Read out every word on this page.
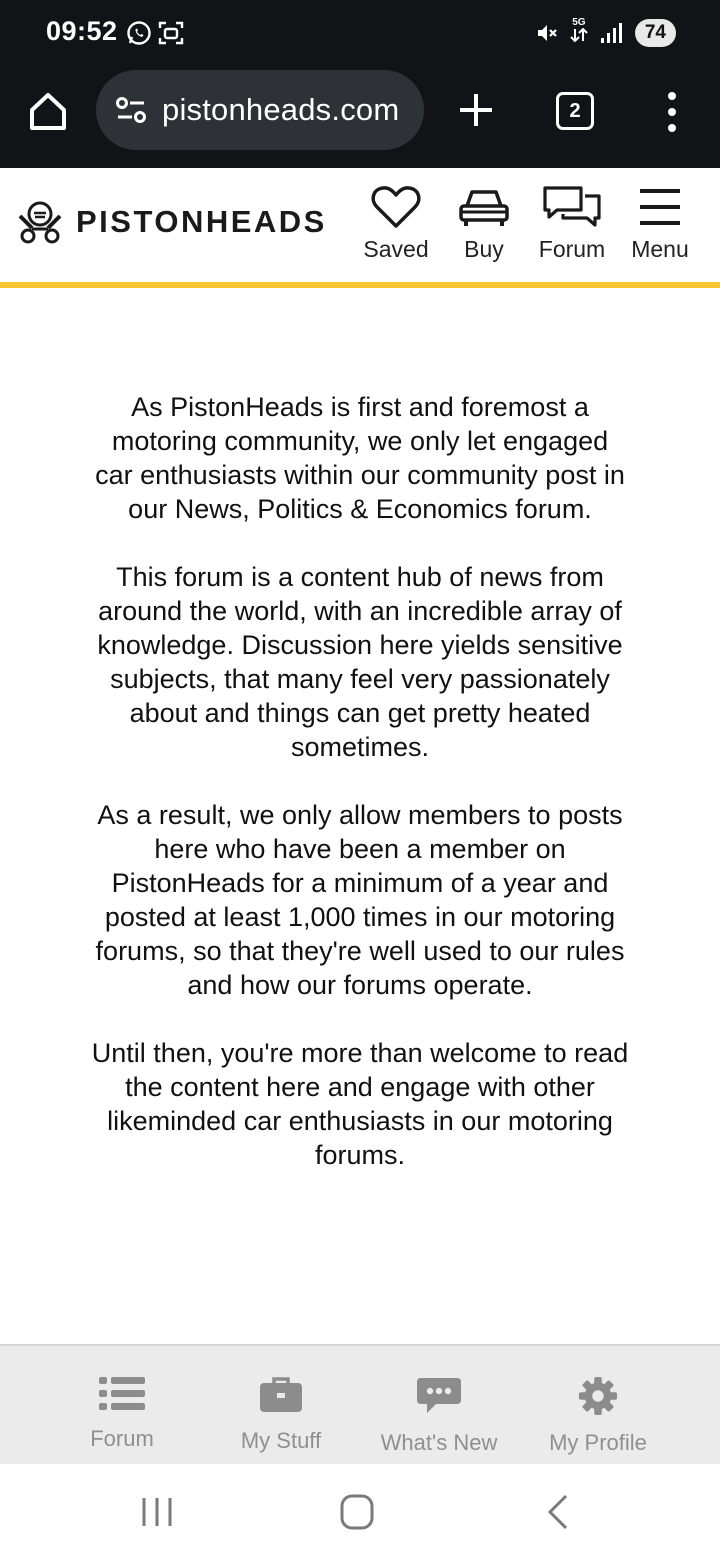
09:52	5G	74
pistonheads.com	2
PISTONHEADS
Saved	Buy	Forum	Menu

As PistonHeads is first and foremost a motoring community, we only let engaged car enthusiasts within our community post in our News, Politics & Economics forum.

This forum is a content hub of news from around the world, with an incredible array of knowledge. Discussion here yields sensitive subjects, that many feel very passionately about and things can get pretty heated sometimes.

As a result, we only allow members to posts here who have been a member on PistonHeads for a minimum of a year and posted at least 1,000 times in our motoring forums, so that they're well used to our rules and how our forums operate.

Until then, you're more than welcome to read the content here and engage with other likeminded car enthusiasts in our motoring forums.

Forum	My Stuff	What's New	My Profile
